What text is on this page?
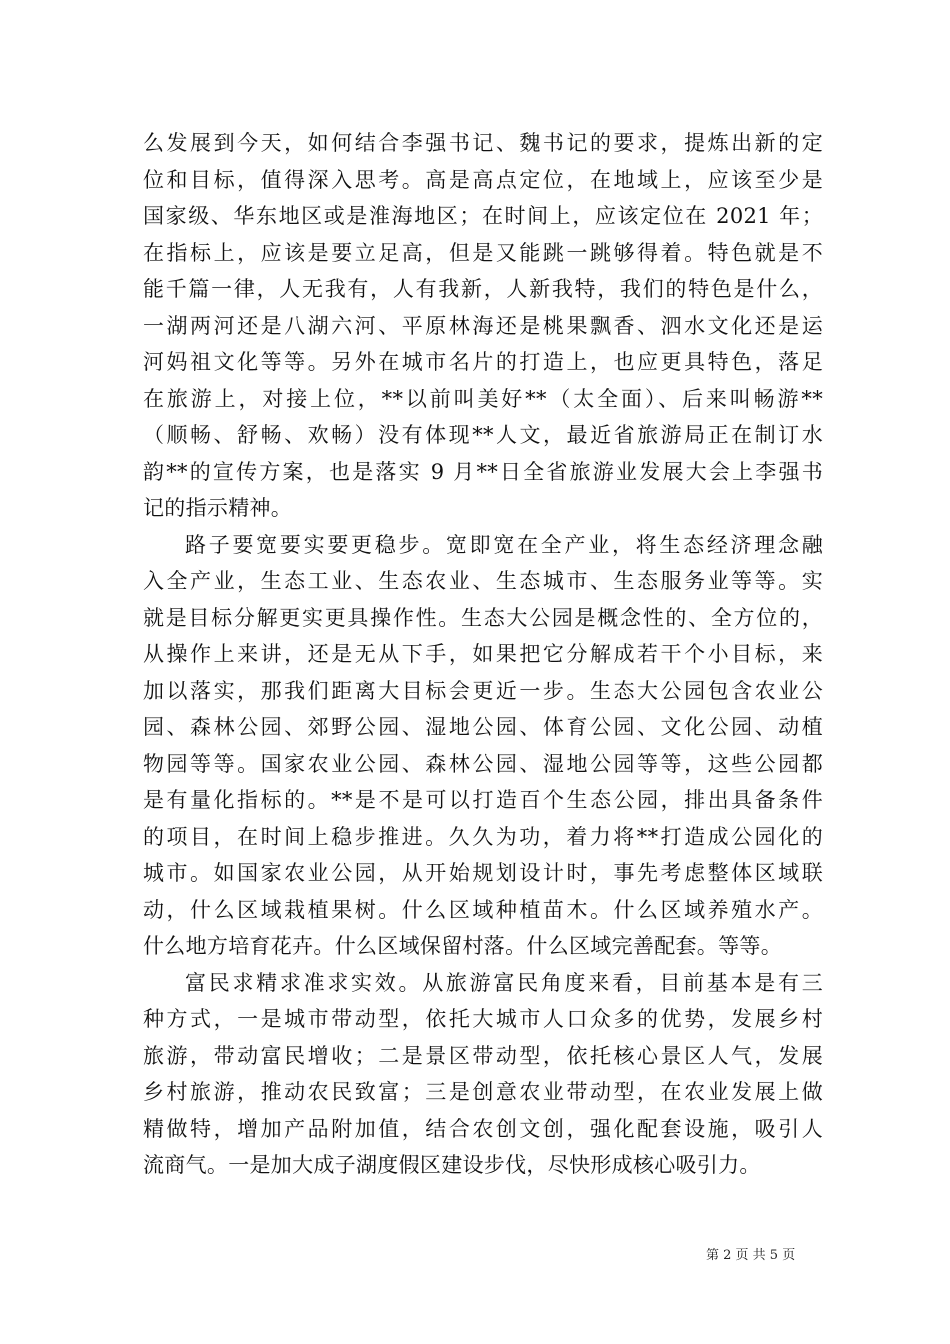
么发展到今天，如何结合李强书记、魏书记的要求，提炼出新的定
位和目标，值得深入思考。高是高点定位，在地域上，应该至少是
国家级、华东地区或是淮海地区；在时间上，应该定位在 2021 年；
在指标上，应该是要立足高，但是又能跳一跳够得着。特色就是不
能千篇一律，人无我有，人有我新，人新我特，我们的特色是什么，
一湖两河还是八湖六河、平原林海还是桃果飘香、泗水文化还是运
河妈祖文化等等。另外在城市名片的打造上，也应更具特色，落足
在旅游上，对接上位，**以前叫美好**（太全面）、后来叫畅游**
（顺畅、舒畅、欢畅）没有体现**人文，最近省旅游局正在制订水
韵**的宣传方案，也是落实 9 月**日全省旅游业发展大会上李强书
记的指示精神。
路子要宽要实要更稳步。宽即宽在全产业，将生态经济理念融
入全产业，生态工业、生态农业、生态城市、生态服务业等等。实
就是目标分解更实更具操作性。生态大公园是概念性的、全方位的，
从操作上来讲，还是无从下手，如果把它分解成若干个小目标，来
加以落实，那我们距离大目标会更近一步。生态大公园包含农业公
园、森林公园、郊野公园、湿地公园、体育公园、文化公园、动植
物园等等。国家农业公园、森林公园、湿地公园等等，这些公园都
是有量化指标的。**是不是可以打造百个生态公园，排出具备条件
的项目，在时间上稳步推进。久久为功，着力将**打造成公园化的
城市。如国家农业公园，从开始规划设计时，事先考虑整体区域联
动，什么区域栽植果树。什么区域种植苗木。什么区域养殖水产。
什么地方培育花卉。什么区域保留村落。什么区域完善配套。等等。
富民求精求准求实效。从旅游富民角度来看，目前基本是有三
种方式，一是城市带动型，依托大城市人口众多的优势，发展乡村
旅游，带动富民增收；二是景区带动型，依托核心景区人气，发展
乡村旅游，推动农民致富；三是创意农业带动型，在农业发展上做
精做特，增加产品附加值，结合农创文创，强化配套设施，吸引人
流商气。一是加大成子湖度假区建设步伐，尽快形成核心吸引力。
第 2 页 共 5 页
